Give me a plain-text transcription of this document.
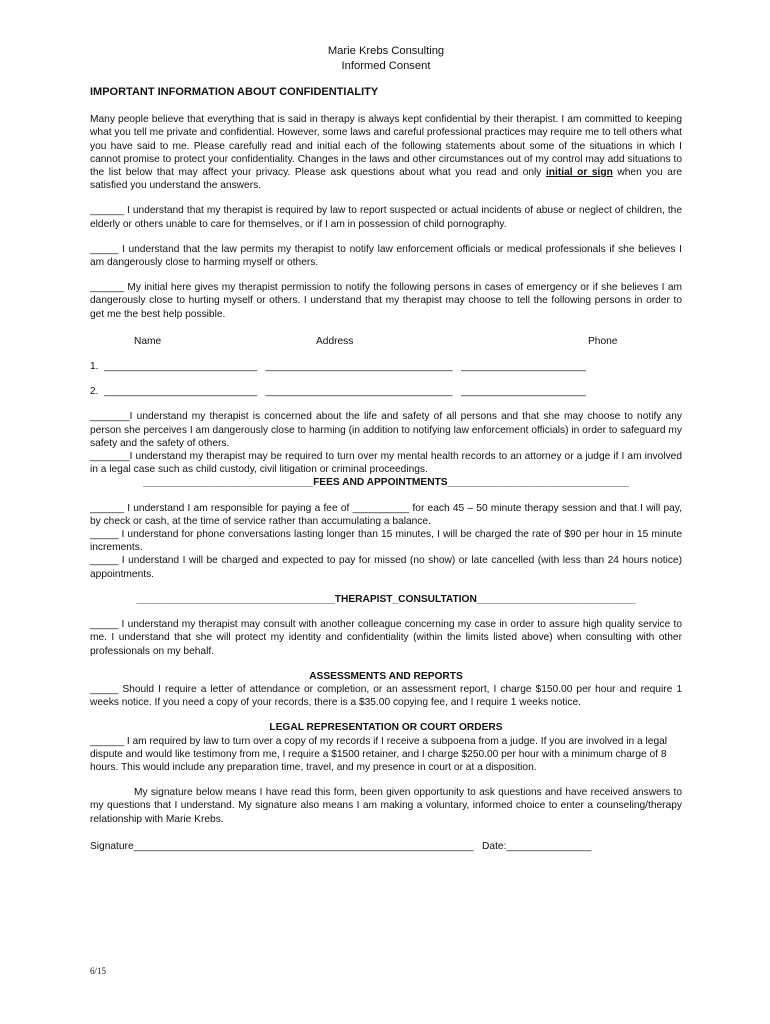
Marie Krebs Consulting
Informed Consent
IMPORTANT INFORMATION ABOUT CONFIDENTIALITY
Many people believe that everything that is said in therapy is always kept confidential by their therapist. I am committed to keeping what you tell me private and confidential. However, some laws and careful professional practices may require me to tell others what you have said to me. Please carefully read and initial each of the following statements about some of the situations in which I cannot promise to protect your confidentiality. Changes in the laws and other circumstances out of my control may add situations to the list below that may affect your privacy. Please ask questions about what you read and only initial or sign when you are satisfied you understand the answers.
______ I understand that my therapist is required by law to report suspected or actual incidents of abuse or neglect of children, the elderly or others unable to care for themselves, or if I am in possession of child pornography.
_____ I understand that the law permits my therapist to notify law enforcement officials or medical professionals if she believes I am dangerously close to harming myself or others.
______ My initial here gives my therapist permission to notify the following persons in cases of emergency or if she believes I am dangerously close to hurting myself or others. I understand that my therapist may choose to tell the following persons in order to get me the best help possible.
Name	Address	Phone
1.  ___________________________   _________________________________   ______________________
2.  ___________________________   _________________________________   ______________________
_______I understand my therapist is concerned about the life and safety of all persons and that she may choose to notify any person she perceives I am dangerously close to harming (in addition to notifying law enforcement officials) in order to safeguard my safety and the safety of others.
_______I understand my therapist may be required to turn over my mental health records to an attorney or a judge if I am involved in a legal case such as child custody, civil litigation or criminal proceedings.
______________________________FEES AND APPOINTMENTS________________________________
______ I understand I am responsible for paying a fee of __________ for each 45 – 50 minute therapy session and that I will pay, by check or cash, at the time of service rather than accumulating a balance.
_____ I understand for phone conversations lasting longer than 15 minutes, I will be charged the rate of $90 per hour in 15 minute increments.
_____ I understand I will be charged and expected to pay for missed (no show) or late cancelled (with less than 24 hours notice) appointments.
___________________________________THERAPIST_CONSULTATION____________________________
_____ I understand my therapist may consult with another colleague concerning my case in order to assure high quality service to me. I understand that she will protect my identity and confidentiality (within the limits listed above) when consulting with other professionals on my behalf.
ASSESSMENTS AND REPORTS
_____ Should I require a letter of attendance or completion, or an assessment report, I charge $150.00 per hour and require 1 weeks notice. If you need a copy of your records, there is a $35.00 copying fee, and I require 1 weeks notice.
LEGAL REPRESENTATION OR COURT ORDERS
______ I am required by law to turn over a copy of my records if I receive a subpoena from a judge. If you are involved in a legal dispute and would like testimony from me, I require a $1500 retainer, and I charge $250.00 per hour with a minimum charge of 8 hours. This would include any preparation time, travel, and my presence in court or at a disposition.
My signature below means I have read this form, been given opportunity to ask questions and have received answers to my questions that I understand. My signature also means I am making a voluntary, informed choice to enter a counseling/therapy relationship with Marie Krebs.
Signature____________________________________________________________   Date:_______________
6/15
